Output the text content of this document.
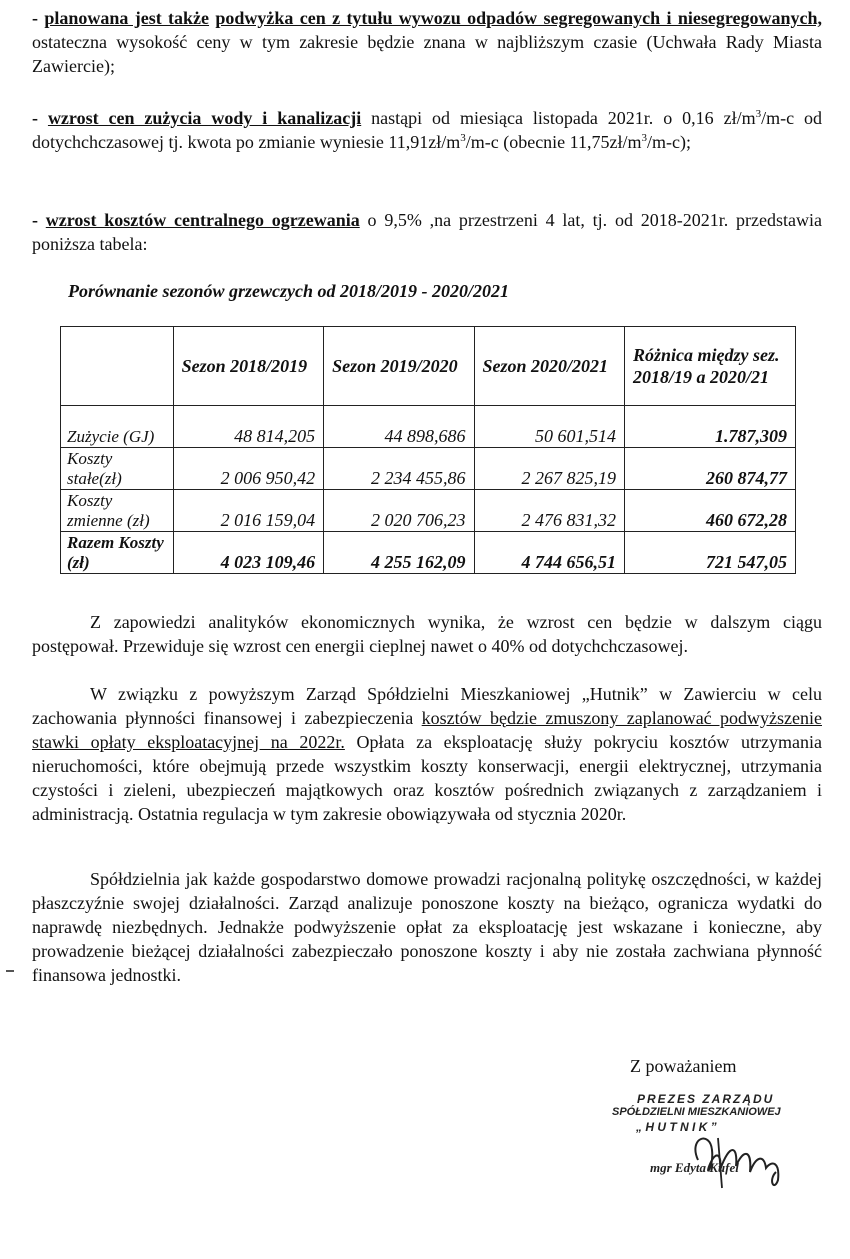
- planowana jest także podwyżka cen z tytułu wywozu odpadów segregowanych i niesegregowanych, ostateczna wysokość ceny w tym zakresie będzie znana w najbliższym czasie (Uchwała Rady Miasta Zawiercie);

- wzrost cen zużycia wody i kanalizacji nastąpi od miesiąca listopada 2021r. o 0,16 $zł/m^3/m-c$ od dotychchczasowej tj. kwota po zmianie wyniesie $11,91zł/m^3/m-c$ (obecnie $11,75zł/m^3/m-c$);

- wzrost kosztów centralnego ogrzewania o 9,5% ,na przestrzeni 4 lat, tj. od 2018-2021r. przedstawia poniższa tabela:

Porównanie sezonów grzewczych od 2018/2019 - 2020/2021
	Sezon 2018/2019	Sezon 2019/2020	Sezon 2020/2021	Różnica między sez. 2018/19 a 2020/21
Zużycie (GJ)	48 814,205	44 898,686	50 601,514	1.787,309
Koszty stałe(zł)	2 006 950,42	2 234 455,86	2 267 825,19	260 874,77
Koszty zmienne (zł)	2 016 159,04	2 020 706,23	2 476 831,32	460 672,28
Razem Koszty (zł)	4 023 109,46	4 255 162,09	4 744 656,51	721 547,05

Z zapowiedzi analityków ekonomicznych wynika, że wzrost cen będzie w dalszym ciągu postępował. Przewiduje się wzrost cen energii cieplnej nawet o 40% od dotychchczasowej.

W związku z powyższym Zarząd Spółdzielni Mieszkaniowej „Hutnik” w Zawierciu w celu zachowania płynności finansowej i zabezpieczenia kosztów będzie zmuszony zaplanować podwyższenie stawki opłaty eksploatacyjnej na 2022r. Opłata za eksploatację służy pokryciu kosztów utrzymania nieruchomości, które obejmują przede wszystkim koszty konserwacji, energii elektrycznej, utrzymania czystości i zieleni, ubezpieczeń majątkowych oraz kosztów pośrednich związanych z zarządzaniem i administracją. Ostatnia regulacja w tym zakresie obowiązywała od stycznia 2020r.

Spółdzielnia jak każde gospodarstwo domowe prowadzi racjonalną politykę oszczędności, w każdej płaszczyźnie swojej działalności. Zarząd analizuje ponoszone koszty na bieżąco, ogranicza wydatki do naprawdę niezbędnych. Jednakże podwyższenie opłat za eksploatację jest wskazane i konieczne, aby prowadzenie bieżącej działalności zabezpieczało ponoszone koszty i aby nie została zachwiana płynność finansowa jednostki.

Z poważaniem
PREZES ZARZĄDU
SPÓŁDZIELNI MIESZKANIOWEJ
„ H U T N I K ”
mgr Edyta Kufel
